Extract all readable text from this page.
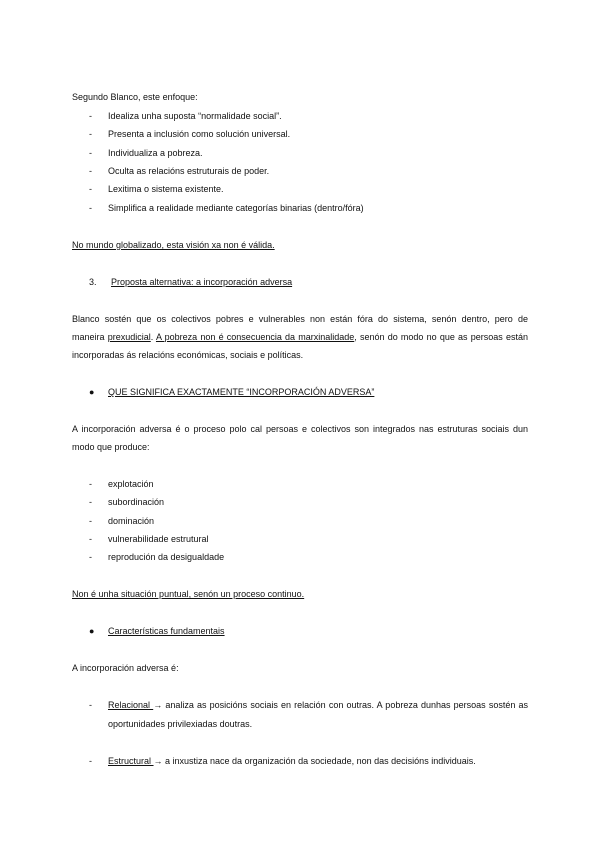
Segundo Blanco, este enfoque:
- Idealiza unha suposta “normalidade social”.
- Presenta a inclusión como solución universal.
- Individualiza a pobreza.
- Oculta as relacións estruturais de poder.
- Lexitima o sistema existente.
- Simplifica a realidade mediante categorías binarias (dentro/fóra)
No mundo globalizado, esta visión xa non é válida.
3. Proposta alternativa: a incorporación adversa
Blanco sostén que os colectivos pobres e vulnerables non están fóra do sistema, senón dentro, pero de
maneira prexudicial. A pobreza non é consecuencia da marxinalidade, senón do modo no que as persoas están
incorporadas ás relacións económicas, sociais e políticas.
● QUE SIGNIFICA EXACTAMENTE “INCORPORACIÓN ADVERSA”
A incorporación adversa é o proceso polo cal persoas e colectivos son integrados nas estruturas sociais dun
modo que produce:
- explotación
- subordinación
- dominación
- vulnerabilidade estrutural
- reprodución da desigualdade
Non é unha situación puntual, senón un proceso continuo.
● Características fundamentais
A incorporación adversa é:
- Relacional → analiza as posicións sociais en relación con outras. A pobreza dunhas persoas sostén as
oportunidades privilexiadas doutras.
- Estructural → a inxustiza nace da organización da sociedade, non das decisións individuais.
